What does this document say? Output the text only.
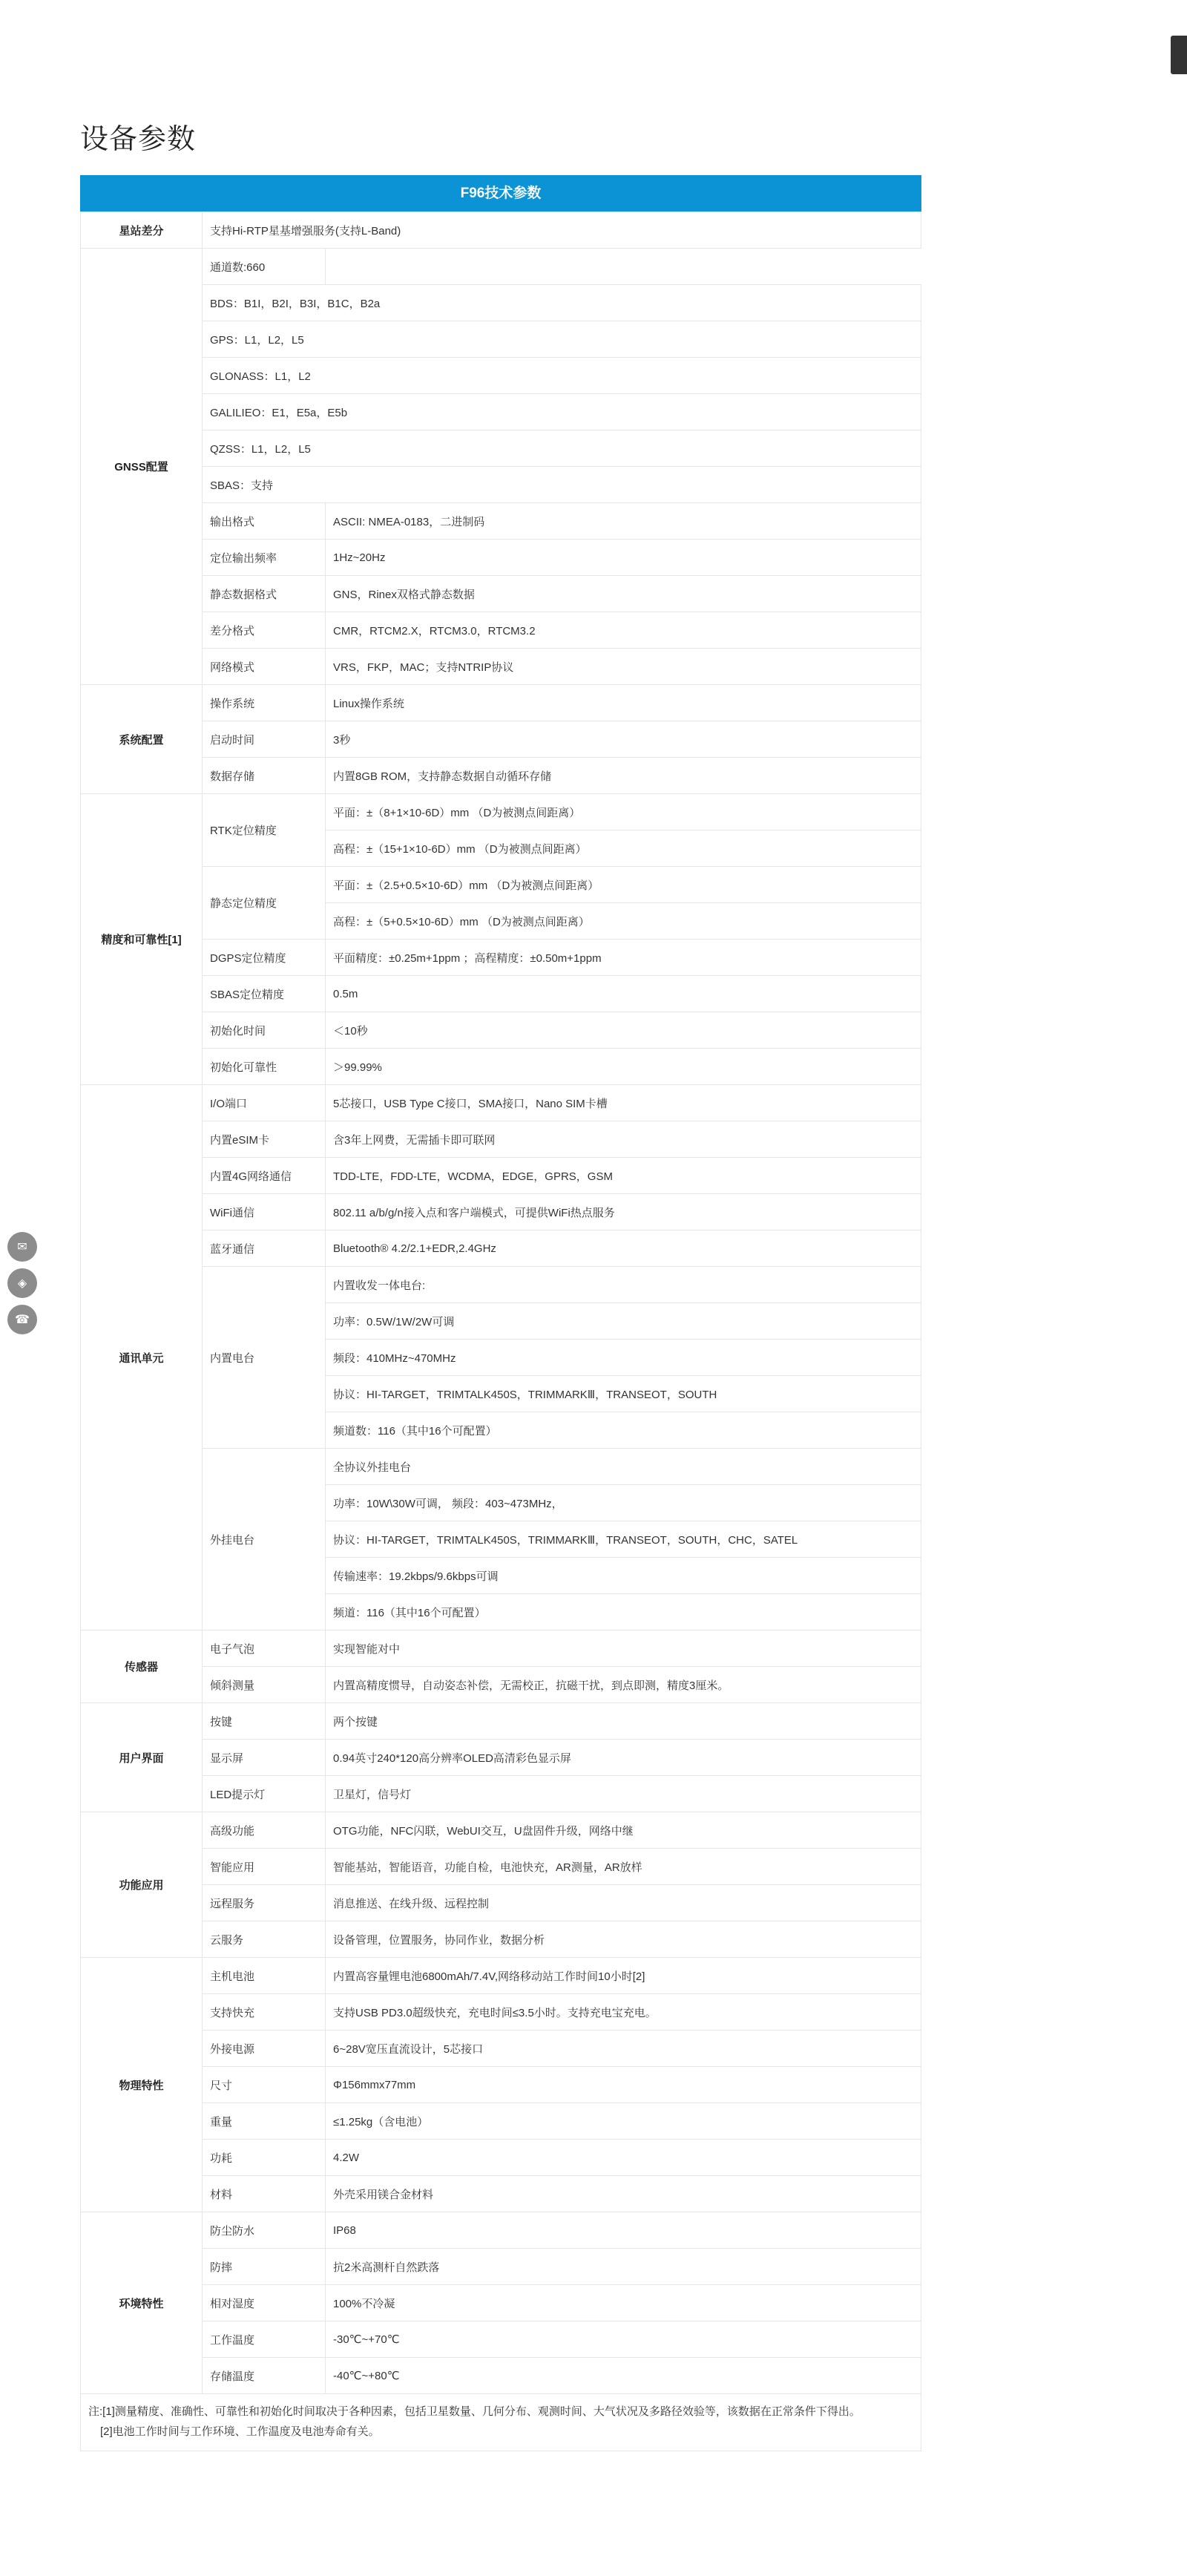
设备参数
F96技术参数
星站差分	支持Hi-RTP星基增强服务(支持L-Band)	
GNSS配置	通道数:660	
	BDS：B1I，B2I，B3I，B1C，B2a	
	GPS：L1，L2，L5	
	GLONASS：L1，L2	
	GALILIEO：E1，E5a，E5b	
	QZSS：L1，L2，L5	
	SBAS：支持	
	输出格式	ASCII: NMEA-0183，二进制码
	定位输出频率	1Hz~20Hz
	静态数据格式	GNS，Rinex双格式静态数据
	差分格式	CMR，RTCM2.X，RTCM3.0，RTCM3.2
	网络模式	VRS，FKP，MAC；支持NTRIP协议
系统配置	操作系统	Linux操作系统
	启动时间	3秒
	数据存储	内置8GB ROM，支持静态数据自动循环存储
精度和可靠性[1]	RTK定位精度	平面：±（8+1×10-6D）mm （D为被测点间距离）
		高程：±（15+1×10-6D）mm （D为被测点间距离）
	静态定位精度	平面：±（2.5+0.5×10-6D）mm （D为被测点间距离）
		高程：±（5+0.5×10-6D）mm （D为被测点间距离）
	DGPS定位精度	平面精度：±0.25m+1ppm ；高程精度：±0.50m+1ppm
	SBAS定位精度	0.5m
	初始化时间	＜10秒
	初始化可靠性	＞99.99%
通讯单元	I/O端口	5芯接口，USB Type C接口，SMA接口，Nano SIM卡槽
	内置eSIM卡	含3年上网费，无需插卡即可联网
	内置4G网络通信	TDD-LTE，FDD-LTE，WCDMA，EDGE，GPRS，GSM
	WiFi通信	802.11 a/b/g/n接入点和客户端模式，可提供WiFi热点服务
	蓝牙通信	Bluetooth® 4.2/2.1+EDR,2.4GHz
	内置电台	内置收发一体电台:
		功率：0.5W/1W/2W可调
		频段：410MHz~470MHz
		协议：HI-TARGET，TRIMTALK450S，TRIMMARKⅢ，TRANSEOT，SOUTH
		频道数：116（其中16个可配置）
	外挂电台	全协议外挂电台
		功率：10W\30W可调， 频段：403~473MHz，
		协议：HI-TARGET，TRIMTALK450S，TRIMMARKⅢ，TRANSEOT，SOUTH，CHC，SATEL
		传输速率：19.2kbps/9.6kbps可调
		频道：116（其中16个可配置）
传感器	电子气泡	实现智能对中
	倾斜测量	内置高精度惯导，自动姿态补偿，无需校正，抗磁干扰，到点即测，精度3厘米。
用户界面	按键	两个按键
	显示屏	0.94英寸240*120高分辨率OLED高清彩色显示屏
	LED提示灯	卫星灯，信号灯
功能应用	高级功能	OTG功能，NFC闪联，WebUI交互，U盘固件升级，网络中继
	智能应用	智能基站，智能语音，功能自检，电池快充，AR测量，AR放样
	远程服务	消息推送、在线升级、远程控制
	云服务	设备管理，位置服务，协同作业，数据分析
物理特性	主机电池	内置高容量锂电池6800mAh/7.4V,网络移动站工作时间10小时[2]
	支持快充	支持USB PD3.0超级快充，充电时间≤3.5小时。支持充电宝充电。
	外接电源	6~28V宽压直流设计，5芯接口
	尺寸	Φ156mmx77mm
	重量	≤1.25kg（含电池）
	功耗	4.2W
	材料	外壳采用镁合金材料
环境特性	防尘防水	IP68
	防摔	抗2米高测杆自然跌落
	相对湿度	100%不冷凝
	工作温度	-30℃~+70℃
	存储温度	-40℃~+80℃
注:[1]测量精度、准确性、可靠性和初始化时间取决于各种因素，包括卫星数量、几何分布、观测时间、大气状况及多路径效验等，该数据在正常条件下得出。
[2]电池工作时间与工作环境、工作温度及电池寿命有关。
✉
◈
☎
